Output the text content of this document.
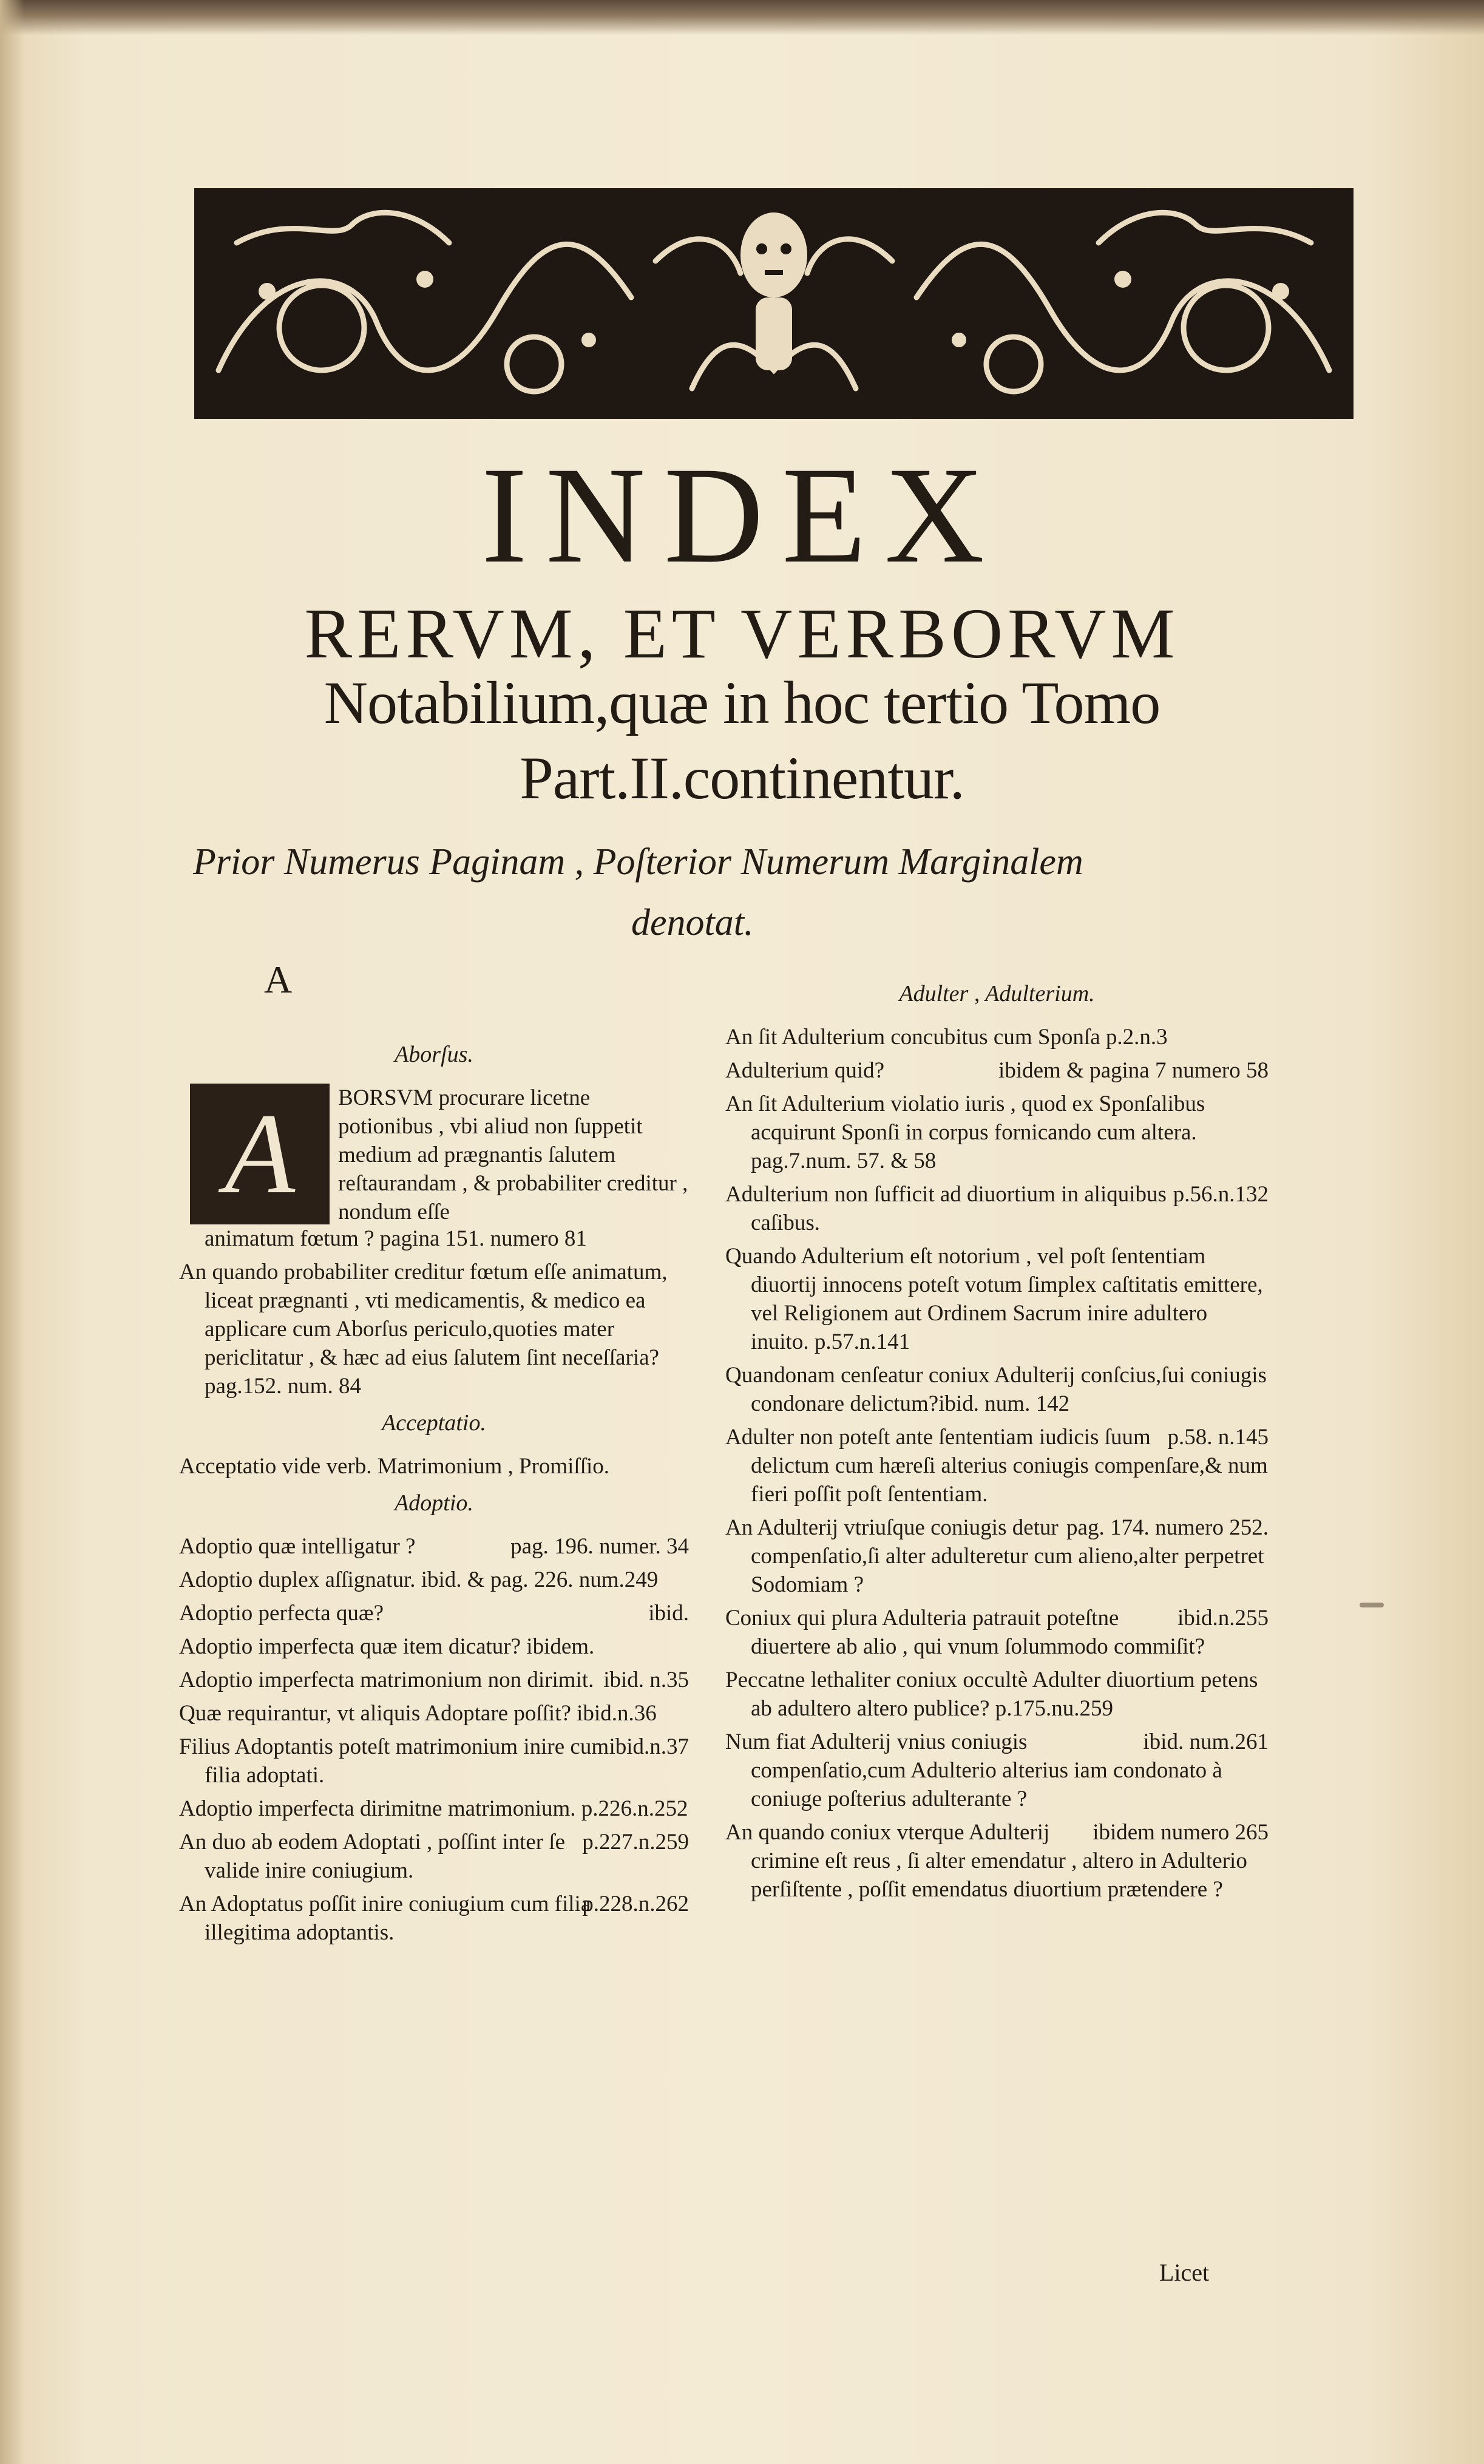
INDEX
RERVM, ET VERBORVM
Notabilium,quæ in hoc tertio Tomo
Part.II.continentur.
Prior Numerus Paginam , Poſterior Numerum Marginalem
denotat.
A
Aborſus.
A	BORSVM procurare licetne potionibus , vbi aliud non ſuppetit medium ad prægnantis ſalutem reſtaurandam , & probabiliter creditur , nondum eſſe
animatum fœtum ? pagina 151. numero 81
An quando probabiliter creditur fœtum eſſe animatum, liceat prægnanti , vti medicamentis, & medico ea applicare cum Aborſus periculo,quoties mater periclitatur , & hæc ad eius ſalutem ſint neceſſaria?pag.152. num. 84
Acceptatio.
Acceptatio vide verb. Matrimonium , Promiſſio.
Adoptio.
pag. 196. numer. 34
Adoptio quæ intelligatur ?
Adoptio duplex aſſignatur. ibid. & pag. 226. num.249
ibid.
Adoptio perfecta quæ?
Adoptio imperfecta quæ item dicatur? ibidem.
ibid. n.35
Adoptio imperfecta matrimonium non dirimit.
Quæ requirantur, vt aliquis Adoptare poſſit? ibid.n.36
ibid.n.37
Filius Adoptantis poteſt matrimonium inire cum filia adoptati.
Adoptio imperfecta dirimitne matrimonium. p.226.n.252
p.227.n.259
An duo ab eodem Adoptati , poſſint inter ſe valide inire coniugium.
p.228.n.262
An Adoptatus poſſit inire coniugium cum filia illegitima adoptantis.
Adulter , Adulterium.
An ſit Adulterium concubitus cum Sponſa p.2.n.3
ibidem & pagina 7 numero 58
Adulterium quid?
An ſit Adulterium violatio iuris , quod ex Sponſalibus acquirunt Sponſi in corpus fornicando cum altera. pag.7.num. 57. & 58
p.56.n.132
Adulterium non ſufficit ad diuortium in aliquibus caſibus.
Quando Adulterium eſt notorium , vel poſt ſententiam diuortij innocens poteſt votum ſimplex caſtitatis emittere, vel Religionem aut Ordinem Sacrum inire adultero inuito. p.57.n.141
Quandonam cenſeatur coniux Adulterij conſcius,ſui coniugis condonare delictum?ibid. num. 142
p.58. n.145
Adulter non poteſt ante ſententiam iudicis ſuum delictum cum hæreſi alterius coniugis compenſare,& num fieri poſſit poſt ſententiam.
pag. 174. numero 252.
An Adulterij vtriuſque coniugis detur compenſatio,ſi alter adulteretur cum alieno,alter perpetret Sodomiam ?
ibid.n.255
Coniux qui plura Adulteria patrauit poteſtne diuertere ab alio , qui vnum ſolummodo commiſit?
Peccatne lethaliter coniux occultè Adulter diuortium petens ab adultero altero publice? p.175.nu.259
ibid. num.261
Num fiat Adulterij vnius coniugis compenſatio,cum Adulterio alterius iam condonato à coniuge poſterius adulterante ?
ibidem numero 265
An quando coniux vterque Adulterij crimine eſt reus , ſi alter emendatur , altero in Adulterio perſiſtente , poſſit emendatus diuortium prætendere ?
Licet
